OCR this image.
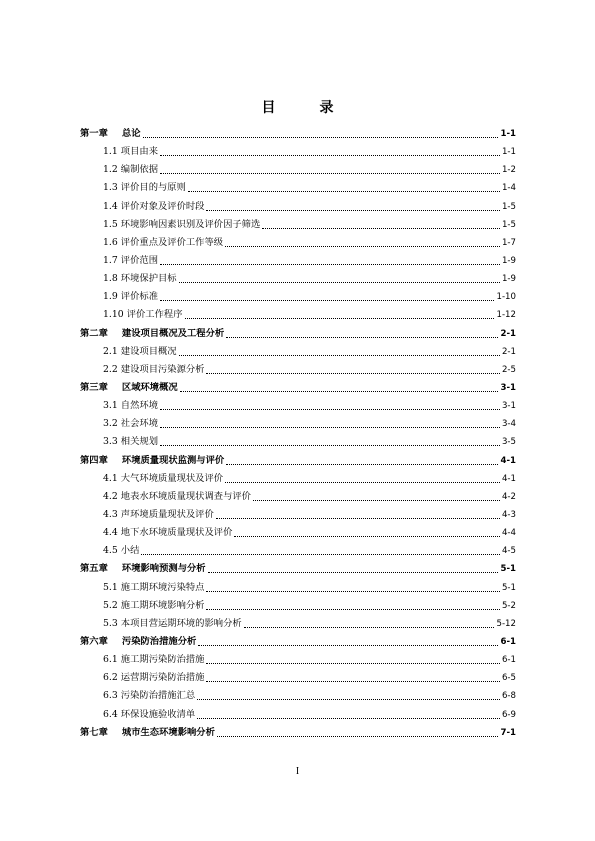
目	录
第一章 总论	1-1
1.1 项目由来	1-1
1.2 编制依据	1-2
1.3 评价目的与原则	1-4
1.4 评价对象及评价时段	1-5
1.5 环境影响因素识别及评价因子筛选	1-5
1.6 评价重点及评价工作等级	1-7
1.7 评价范围	1-9
1.8 环境保护目标	1-9
1.9 评价标准	1-10
1.10 评价工作程序	1-12
第二章 建设项目概况及工程分析	2-1
2.1 建设项目概况	2-1
2.2 建设项目污染源分析	2-5
第三章 区域环境概况	3-1
3.1 自然环境	3-1
3.2 社会环境	3-4
3.3 相关规划	3-5
第四章 环境质量现状监测与评价	4-1
4.1 大气环境质量现状及评价	4-1
4.2 地表水环境质量现状调查与评价	4-2
4.3 声环境质量现状及评价	4-3
4.4 地下水环境质量现状及评价	4-4
4.5 小结	4-5
第五章 环境影响预测与分析	5-1
5.1 施工期环境污染特点	5-1
5.2 施工期环境影响分析	5-2
5.3 本项目营运期环境的影响分析	5-12
第六章 污染防治措施分析	6-1
6.1 施工期污染防治措施	6-1
6.2 运营期污染防治措施	6-5
6.3 污染防治措施汇总	6-8
6.4 环保设施验收清单	6-9
第七章 城市生态环境影响分析	7-1
I
